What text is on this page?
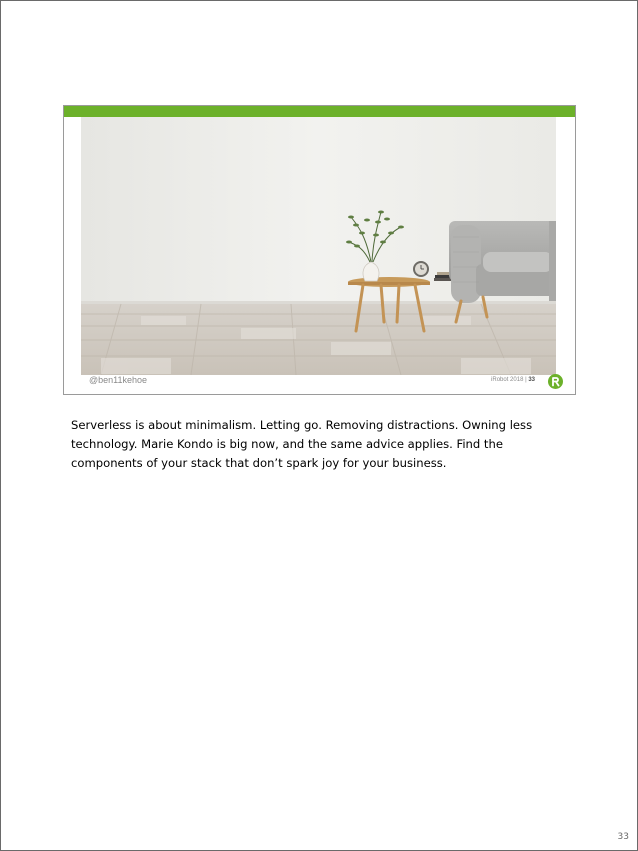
@ben11kehoe	iRobot 2018 | 33
Serverless is about minimalism. Letting go. Removing distractions. Owning less
technology. Marie Kondo is big now, and the same advice applies. Find the
components of your stack that don’t spark joy for your business.
33
